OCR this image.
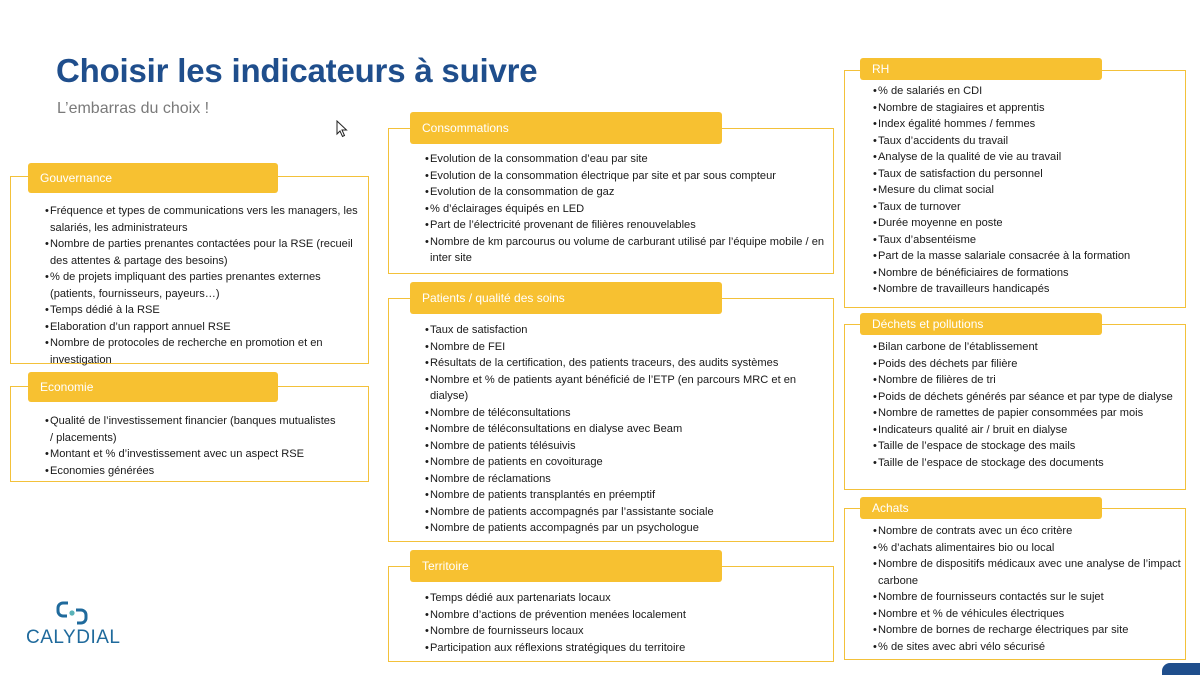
Choisir les indicateurs à suivre
L’embarras du choix !
• Fréquence et types de communications vers les managers, les salariés, les administrateurs
• Nombre de parties prenantes contactées pour la RSE (recueil des attentes & partage des besoins)
• % de projets impliquant des parties prenantes externes (patients, fournisseurs, payeurs…)
• Temps dédié à la RSE
• Elaboration d’un rapport annuel RSE
• Nombre de protocoles de recherche en promotion et en investigation
Gouvernance
• Qualité de l’investissement financier (banques mutualistes / placements)
• Montant et % d’investissement avec un aspect RSE
• Economies générées
Economie
• Evolution de la consommation d’eau par site
• Evolution de la consommation électrique par site et par sous compteur
• Evolution de la consommation de gaz
• % d’éclairages équipés en LED
• Part de l’électricité provenant de filières renouvelables
• Nombre de km parcourus ou volume de carburant utilisé par l’équipe mobile / en inter site
Consommations
• Taux de satisfaction
• Nombre de FEI
• Résultats de la certification, des patients traceurs, des audits systèmes
• Nombre et % de patients ayant bénéficié de l’ETP (en parcours MRC et en dialyse)
• Nombre de téléconsultations
• Nombre de téléconsultations en dialyse avec Beam
• Nombre de patients télésuivis
• Nombre de patients en covoiturage
• Nombre de réclamations
• Nombre de patients transplantés en préemptif
• Nombre de patients accompagnés par l’assistante sociale
• Nombre de patients accompagnés par un psychologue
Patients / qualité des soins
• Temps dédié aux partenariats locaux
• Nombre d’actions de prévention menées localement
• Nombre de fournisseurs locaux
• Participation aux réflexions stratégiques du territoire
Territoire
• % de salariés en CDI
• Nombre de stagiaires et apprentis
• Index égalité hommes / femmes
• Taux d’accidents du travail
• Analyse de la qualité de vie au travail
• Taux de satisfaction du personnel
• Mesure du climat social
• Taux de turnover
• Durée moyenne en poste
• Taux d’absentéisme
• Part de la masse salariale consacrée à la formation
• Nombre de bénéficiaires de formations
• Nombre de travailleurs handicapés
RH
• Bilan carbone de l’établissement
• Poids des déchets par filière
• Nombre de filières de tri
• Poids de déchets générés par séance et par type de dialyse
• Nombre de ramettes de papier consommées par mois
• Indicateurs qualité air / bruit en dialyse
• Taille de l’espace de stockage des mails
• Taille de l’espace de stockage des documents
Déchets et pollutions
• Nombre de contrats avec un éco critère
• % d’achats alimentaires bio ou local
• Nombre de dispositifs médicaux avec une analyse de l’impact carbone
• Nombre de fournisseurs contactés sur le sujet
• Nombre et % de véhicules électriques
• Nombre de bornes de recharge électriques par site
• % de sites avec abri vélo sécurisé
Achats
CALYDIAL
